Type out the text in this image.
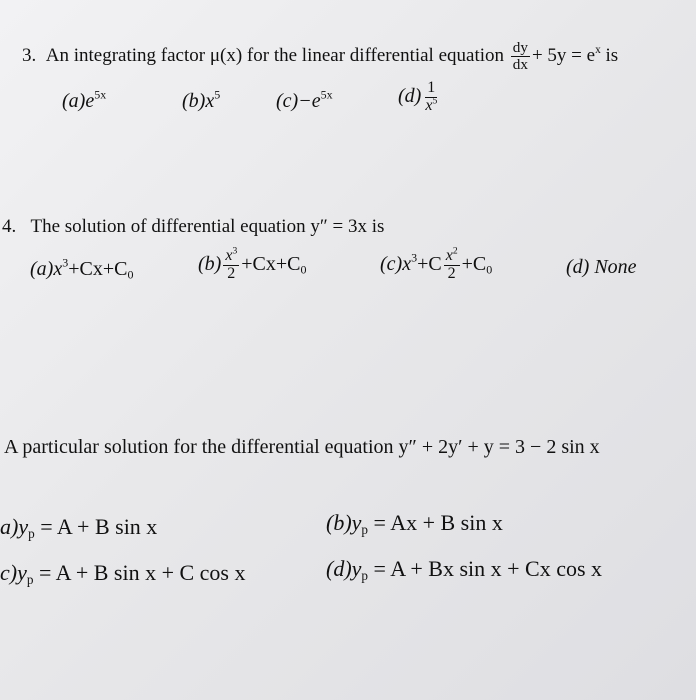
3. An integrating factor μ(x) for the linear differential equation $\frac{dy}{dx} + 5y = e^x$ is
$(a)e^{5x}$	$(b)x^5$	$(c)-e^{5x}$	$(d) \frac{1}{x^5}$
4. The solution of differential equation y″ = 3x is
$(a)x^3+Cx+C_0$	$(b) \frac{x^3}{2} +Cx+C_0$	$(c)x^3+C \frac{x^2}{2} +C_0$	(d) None
A particular solution for the differential equation y″ + 2y′ + y = 3 − 2 sin x
$a)y_p = A + B$ sin x	$(b)y_p = Ax + B$ sin x
$c)y_p = A + B$ sin x + C cos x	$(d)y_p = A + Bx$ sin x + Cx cos x
